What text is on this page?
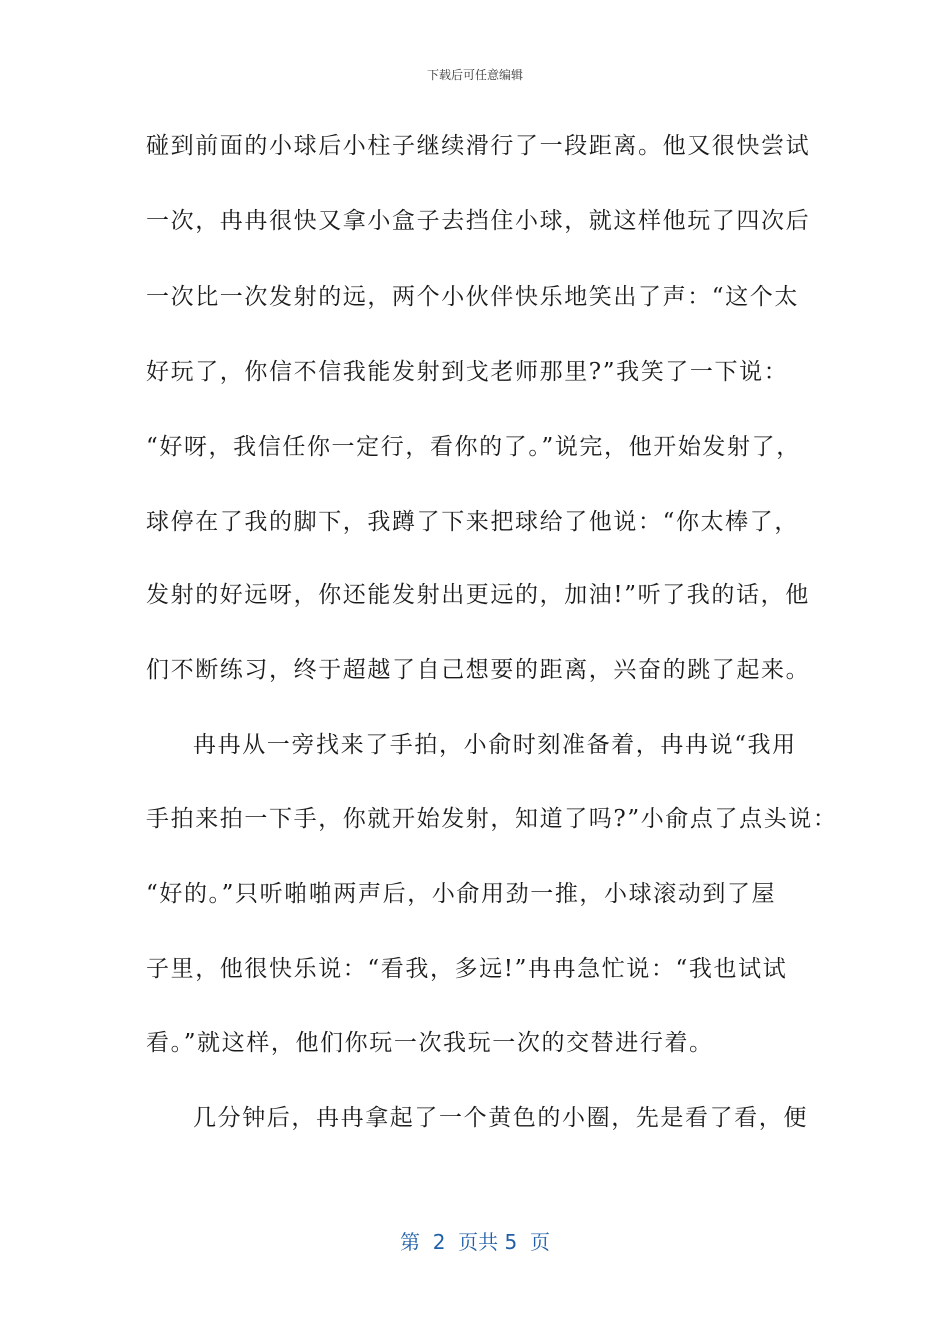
下载后可任意编辑
碰到前面的小球后小柱子继续滑行了一段距离。他又很快尝试
一次，冉冉很快又拿小盒子去挡住小球，就这样他玩了四次后
一次比一次发射的远，两个小伙伴快乐地笑出了声：“这个太
好玩了，你信不信我能发射到戈老师那里?”我笑了一下说：
“好呀，我信任你一定行，看你的了。”说完，他开始发射了，
球停在了我的脚下，我蹲了下来把球给了他说：“你太棒了，
发射的好远呀，你还能发射出更远的，加油!”听了我的话，他
们不断练习，终于超越了自己想要的距离，兴奋的跳了起来。
冉冉从一旁找来了手拍，小俞时刻准备着，冉冉说“我用
手拍来拍一下手，你就开始发射，知道了吗?”小俞点了点头说：
“好的。”只听啪啪两声后，小俞用劲一推，小球滚动到了屋
子里，他很快乐说：“看我，多远!”冉冉急忙说：“我也试试
看。”就这样，他们你玩一次我玩一次的交替进行着。
几分钟后，冉冉拿起了一个黄色的小圈，先是看了看，便
第  2  页共 5  页
